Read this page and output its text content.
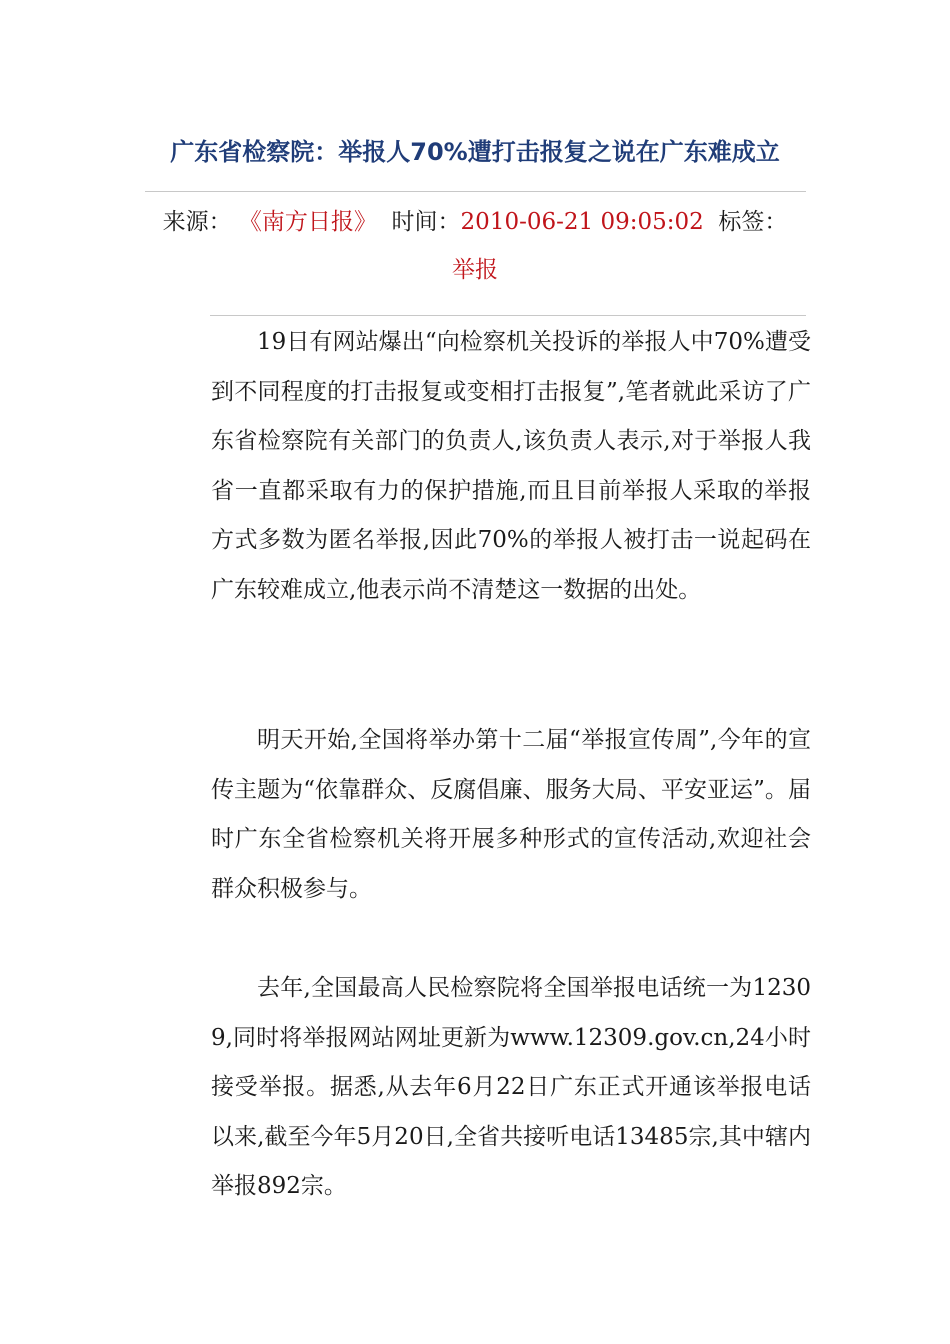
广东省检察院：举报人70%遭打击报复之说在广东难成立
来源： 《南方日报》 时间：2010-06-21 09:05:02 标签：
举报

19日有网站爆出“向检察机关投诉的举报人中70%遭受到不同程度的打击报复或变相打击报复”,笔者就此采访了广东省检察院有关部门的负责人,该负责人表示,对于举报人我省一直都采取有力的保护措施,而且目前举报人采取的举报方式多数为匿名举报,因此70%的举报人被打击一说起码在广东较难成立,他表示尚不清楚这一数据的出处。

明天开始,全国将举办第十二届“举报宣传周”,今年的宣传主题为“依靠群众、反腐倡廉、服务大局、平安亚运”。届时广东全省检察机关将开展多种形式的宣传活动,欢迎社会群众积极参与。

去年,全国最高人民检察院将全国举报电话统一为12309,同时将举报网站网址更新为www.12309.gov.cn,24小时接受举报。据悉,从去年6月22日广东正式开通该举报电话以来,截至今年5月20日,全省共接听电话13485宗,其中辖内举报892宗。
